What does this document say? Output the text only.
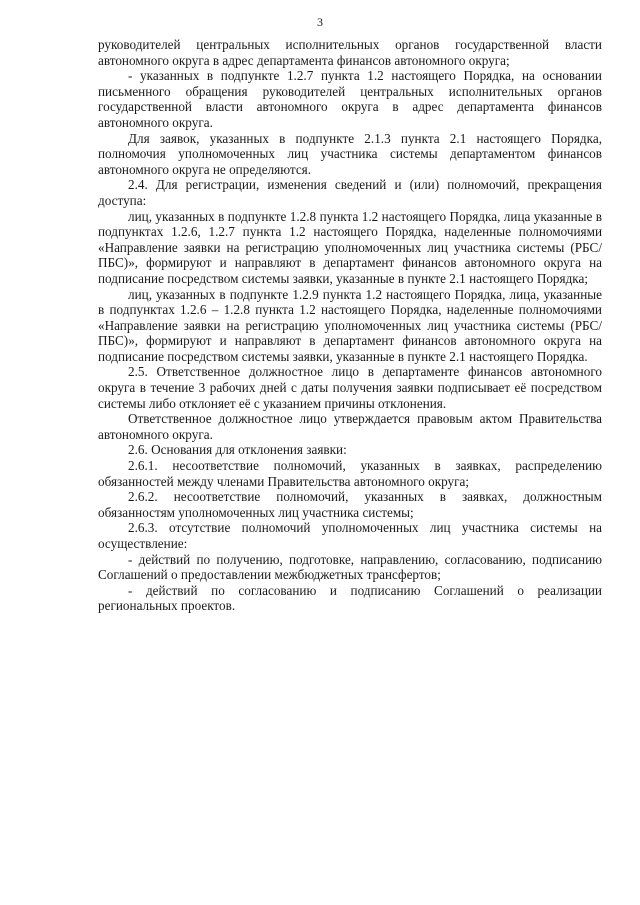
3

руководителей центральных исполнительных органов государственной власти автономного округа в адрес департамента финансов автономного округа;

- указанных в подпункте 1.2.7 пункта 1.2 настоящего Порядка, на основании письменного обращения руководителей центральных исполнительных органов государственной власти автономного округа в адрес департамента финансов автономного округа.

Для заявок, указанных в подпункте 2.1.3 пункта 2.1 настоящего Порядка, полномочия уполномоченных лиц участника системы департаментом финансов автономного округа не определяются.

2.4. Для регистрации, изменения сведений и (или) полномочий, прекращения доступа:

лиц, указанных в подпункте 1.2.8 пункта 1.2 настоящего Порядка, лица указанные в подпунктах 1.2.6, 1.2.7 пункта 1.2 настоящего Порядка, наделенные полномочиями «Направление заявки на регистрацию уполномоченных лиц участника системы (РБС/ПБС)», формируют и направляют в департамент финансов автономного округа на подписание посредством системы заявки, указанные в пункте 2.1 настоящего Порядка;

лиц, указанных в подпункте 1.2.9 пункта 1.2 настоящего Порядка, лица, указанные в подпунктах 1.2.6 – 1.2.8 пункта 1.2 настоящего Порядка, наделенные полномочиями «Направление заявки на регистрацию уполномоченных лиц участника системы (РБС/ПБС)», формируют и направляют в департамент финансов автономного округа на подписание посредством системы заявки, указанные в пункте 2.1 настоящего Порядка.

2.5. Ответственное должностное лицо в департаменте финансов автономного округа в течение 3 рабочих дней с даты получения заявки подписывает её посредством системы либо отклоняет её с указанием причины отклонения.

Ответственное должностное лицо утверждается правовым актом Правительства автономного округа.

2.6. Основания для отклонения заявки:

2.6.1. несоответствие полномочий, указанных в заявках, распределению обязанностей между членами Правительства автономного округа;

2.6.2. несоответствие полномочий, указанных в заявках, должностным обязанностям уполномоченных лиц участника системы;

2.6.3. отсутствие полномочий уполномоченных лиц участника системы на осуществление:

- действий по получению, подготовке, направлению, согласованию, подписанию Соглашений о предоставлении межбюджетных трансфертов;

- действий по согласованию и подписанию Соглашений о реализации региональных проектов.
